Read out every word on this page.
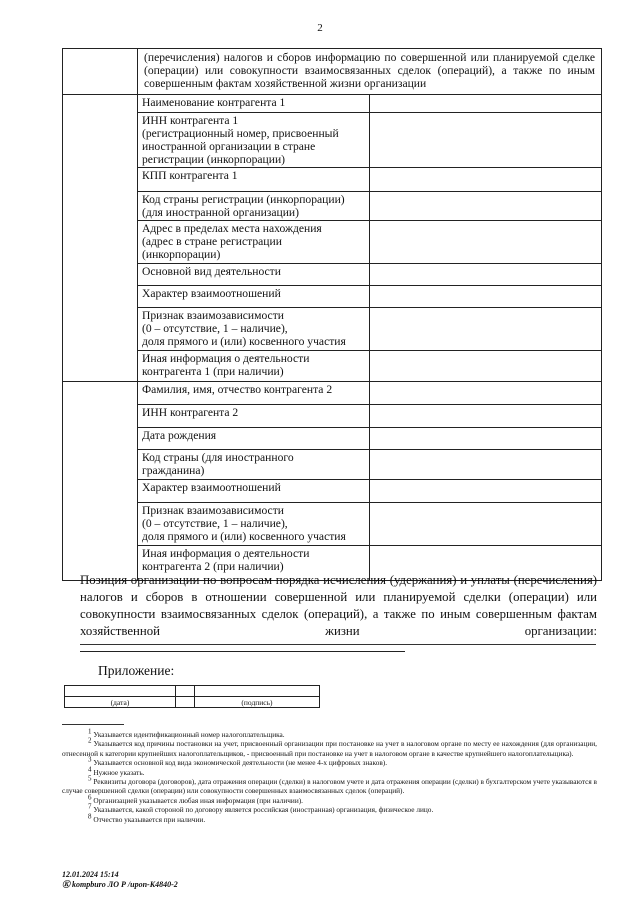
2

	(перечисления) налогов и сборов информацию по совершенной или планируемой сделке
(операции) или совокупности взаимосвязанных сделок (операций), а также по иным
совершенным фактам хозяйственной жизни организации	

	Наименование контрагента 1	

	ИНН контрагента 1
(регистрационный номер, присвоенный
иностранной организации в стране
регистрации (инкорпорации)	

	КПП контрагента 1	

	Код страны регистрации (инкорпорации)
(для иностранной организации)	

	Адрес в пределах места нахождения
(адрес в стране регистрации
(инкорпорации)	

	Основной вид деятельности	

	Характер взаимоотношений	

	Признак взаимозависимости
(0 – отсутствие, 1 – наличие),
доля прямого и (или) косвенного участия	

	Иная информация о деятельности
контрагента 1 (при наличии)	

	Фамилия, имя, отчество контрагента 2	

	ИНН контрагента 2	

	Дата рождения	

	Код страны (для иностранного
гражданина)	

	Характер взаимоотношений	

	Признак взаимозависимости
(0 – отсутствие, 1 – наличие),
доля прямого и (или) косвенного участия	

	Иная информация о деятельности
контрагента 2 (при наличии)	

Позиция организации по вопросам порядка исчисления (удержания) и уплаты (перечисления) налогов и сборов в отношении совершенной или планируемой сделки (операции) или совокупности взаимосвязанных сделок (операций), а также по иным совершенным фактам хозяйственной жизни организации:
Приложение:

(дата)		(подпись)

$^1$ Указывается идентификационный номер налогоплательщика.

$^2$ Указывается код причины постановки на учет, присвоенный организации при постановке на учет в налоговом органе по месту ее нахождения (для организации, отнесенной к категории крупнейших налогоплательщиков, - присвоенный при постановке на учет в налоговом органе в качестве крупнейшего налогоплательщика).

$^3$ Указывается основной код вида экономической деятельности (не менее 4-х цифровых знаков).

$^4$ Нужное указать.

$^5$ Реквизиты договора (договоров), дата отражения операции (сделки) в налоговом учете и дата отражения операции (сделки) в бухгалтерском учете указываются в случае совершенной сделки (операции) или совокупности совершенных взаимосвязанных сделок (операций).

$^6$ Организацией указывается любая иная информация (при наличии).

$^7$ Указывается, какой стороной по договору является российская (иностранная) организация, физическое лицо.

$^8$ Отчество указывается при наличии.

12.01.2024 15:14
Ⓚ kompburo ЛО Р /ироп-К4840-2
